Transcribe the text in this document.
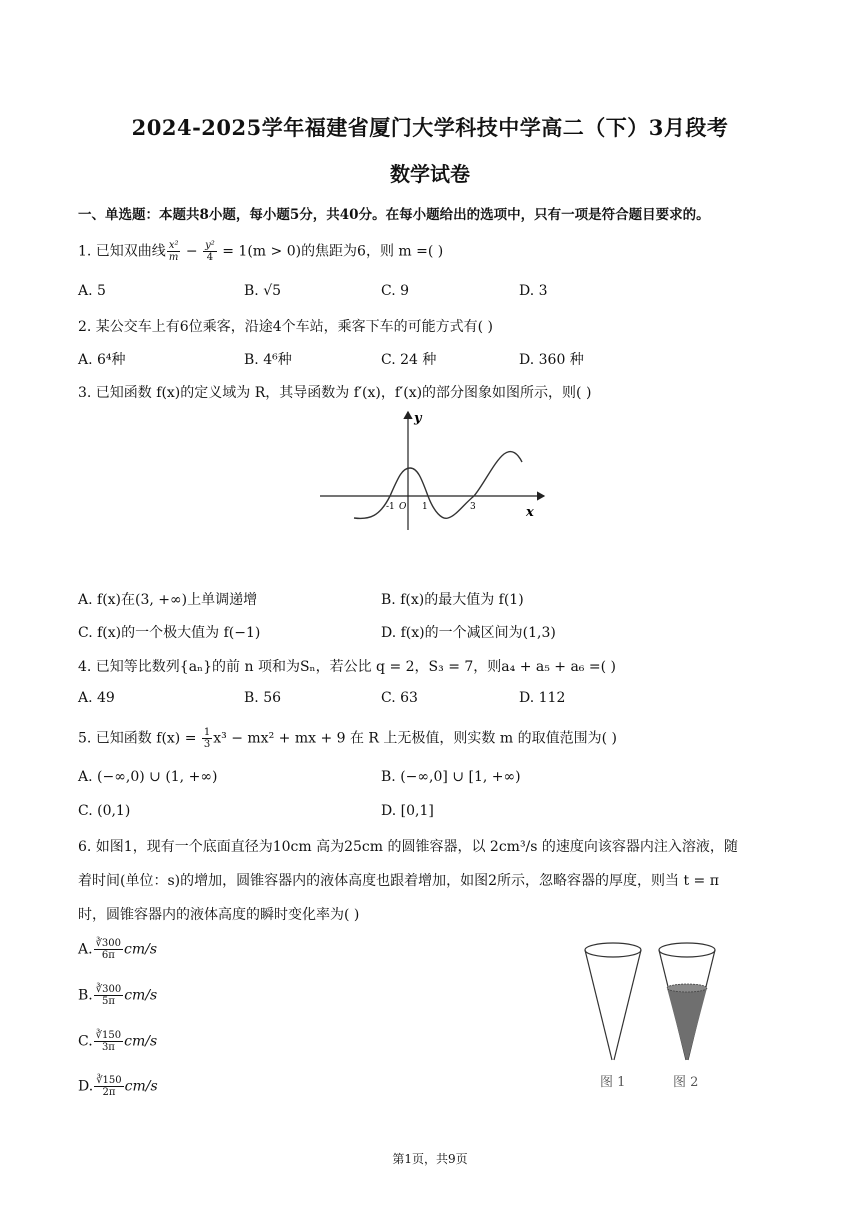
2024-2025学年福建省厦门大学科技中学高二（下）3月段考
数学试卷
一、单选题：本题共8小题，每小题5分，共40分。在每小题给出的选项中，只有一项是符合题目要求的。
1. 已知双曲线 $\frac{\text{x²}}{m} - \frac{\text{y²}}{4} = 1(m > 0)$的焦距为6，则 m =( )
A. 5	B. √5	C. 9	D. 3
2. 某公交车上有6位乘客，沿途4个车站，乘客下车的可能方式有( )
A. 6⁴种	B. 4⁶种	C. 24 种	D. 360 种
3. 已知函数 f(x)的定义域为 R，其导函数为 f′(x)，f′(x)的部分图象如图所示，则( )
y
x
-1 O 1	3
A. f(x)在(3, +∞)上单调递增	B. f(x)的最大值为 f(1)
C. f(x)的一个极大值为 f(−1)	D. f(x)的一个减区间为(1,3)
4. 已知等比数列{aₙ}的前 n 项和为Sₙ，若公比 q = 2，S₃ = 7，则a₄ + a₅ + a₆ =( )
A. 49	B. 56	C. 63	D. 112
5. 已知函数 $f(x) = \frac{1}{3} x^3 - mx^2$ + mx + 9 在 R 上无极值，则实数 m 的取值范围为( )
A. (−∞,0) ∪ (1, +∞)	B. (−∞,0] ∪ [1, +∞)
C. (0,1)	D. [0,1]
6. 如图1，现有一个底面直径为10cm 高为25cm 的圆锥容器，以 2cm³/s 的速度向该容器内注入溶液，随
着时间(单位：s)的增加，圆锥容器内的液体高度也跟着增加，如图2所示，忽略容器的厚度，则当 t = π
时，圆锥容器内的液体高度的瞬时变化率为( )
A. $\frac{∛300}{6\pi} cm/s$
B. $\frac{∛300}{5\pi} cm/s$
C. $\frac{∛150}{3\pi} cm/s$
D. $\frac{∛150}{2\pi} cm/s$	图 1	图 2
第1页，共9页
